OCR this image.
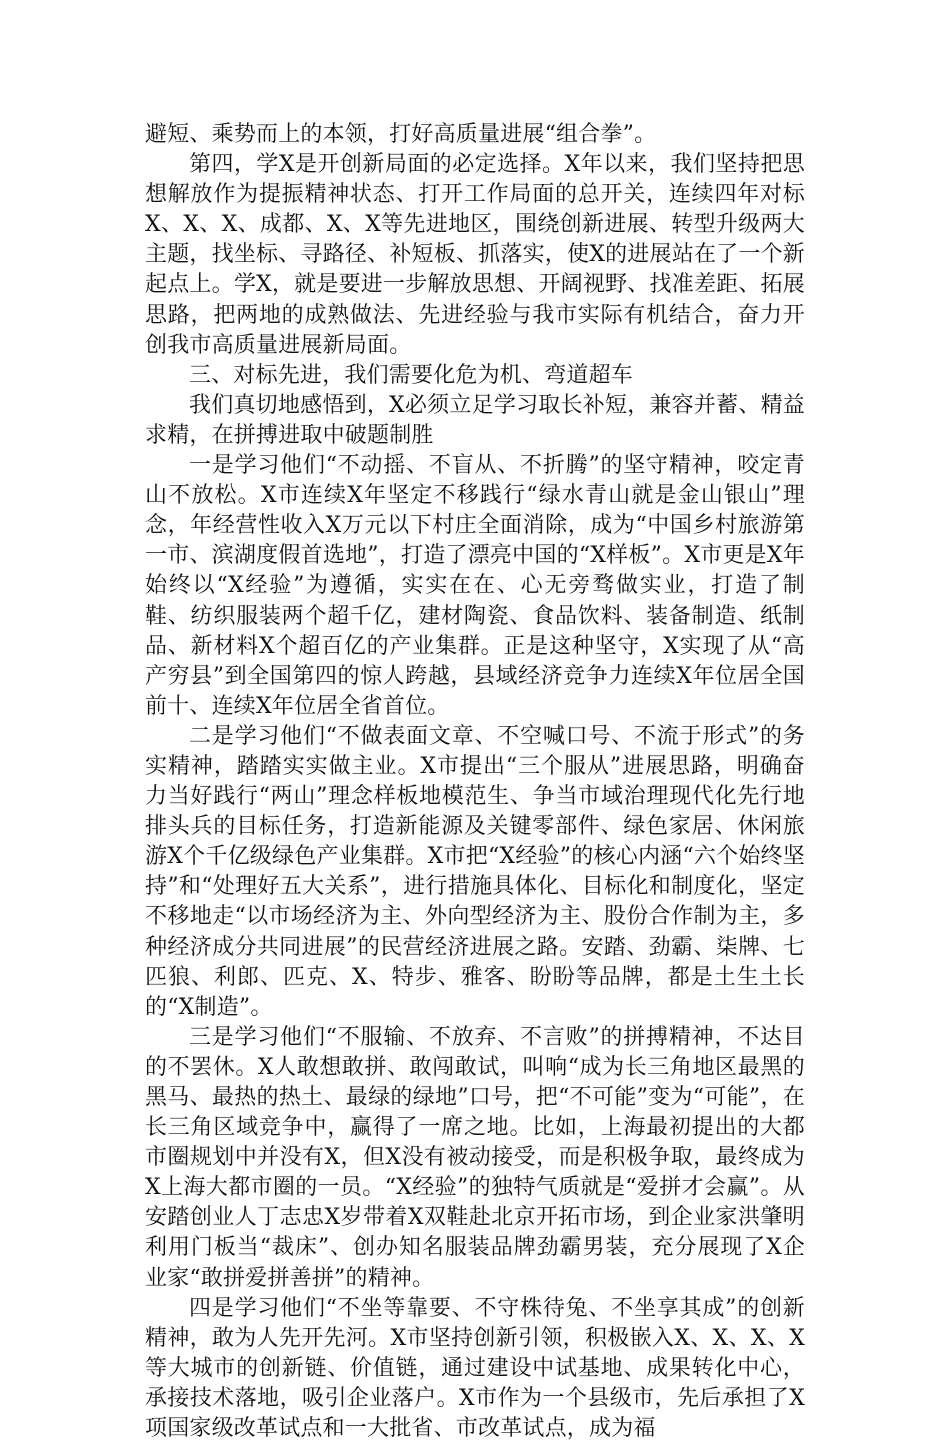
避短、乘势而上的本领，打好高质量进展“组合拳”。

第四，学X是开创新局面的必定选择。X年以来，我们坚持把思想解放作为提振精神状态、打开工作局面的总开关，连续四年对标X、X、X、成都、X、X等先进地区，围绕创新进展、转型升级两大主题，找坐标、寻路径、补短板、抓落实，使X的进展站在了一个新起点上。学X，就是要进一步解放思想、开阔视野、找准差距、拓展思路，把两地的成熟做法、先进经验与我市实际有机结合，奋力开创我市高质量进展新局面。

三、对标先进，我们需要化危为机、弯道超车

我们真切地感悟到，X必须立足学习取长补短，兼容并蓄、精益求精，在拼搏进取中破题制胜

一是学习他们“不动摇、不盲从、不折腾”的坚守精神，咬定青山不放松。X市连续X年坚定不移践行“绿水青山就是金山银山”理念，年经营性收入X万元以下村庄全面消除，成为“中国乡村旅游第一市、滨湖度假首选地”，打造了漂亮中国的“X样板”。X市更是X年始终以“X经验”为遵循，实实在在、心无旁骛做实业，打造了制鞋、纺织服装两个超千亿，建材陶瓷、食品饮料、装备制造、纸制品、新材料X个超百亿的产业集群。正是这种坚守，X实现了从“高产穷县”到全国第四的惊人跨越，县域经济竞争力连续X年位居全国前十、连续X年位居全省首位。

二是学习他们“不做表面文章、不空喊口号、不流于形式”的务实精神，踏踏实实做主业。X市提出“三个服从”进展思路，明确奋力当好践行“两山”理念样板地模范生、争当市域治理现代化先行地排头兵的目标任务，打造新能源及关键零部件、绿色家居、休闲旅游X个千亿级绿色产业集群。X市把“X经验”的核心内涵“六个始终坚持”和“处理好五大关系”，进行措施具体化、目标化和制度化，坚定不移地走“以市场经济为主、外向型经济为主、股份合作制为主，多种经济成分共同进展”的民营经济进展之路。安踏、劲霸、柒牌、七匹狼、利郎、匹克、X、特步、雅客、盼盼等品牌，都是土生土长的“X制造”。

三是学习他们“不服输、不放弃、不言败”的拼搏精神，不达目的不罢休。X人敢想敢拼、敢闯敢试，叫响“成为长三角地区最黑的黑马、最热的热土、最绿的绿地”口号，把“不可能”变为“可能”，在长三角区域竞争中，赢得了一席之地。比如，上海最初提出的大都市圈规划中并没有X，但X没有被动接受，而是积极争取，最终成为X上海大都市圈的一员。“X经验”的独特气质就是“爱拼才会赢”。从安踏创业人丁志忠X岁带着X双鞋赴北京开拓市场，到企业家洪肇明利用门板当“裁床”、创办知名服装品牌劲霸男装，充分展现了X企业家“敢拼爱拼善拼”的精神。

四是学习他们“不坐等靠要、不守株待兔、不坐享其成”的创新精神，敢为人先开先河。X市坚持创新引领，积极嵌入X、X、X、X等大城市的创新链、价值链，通过建设中试基地、成果转化中心，承接技术落地，吸引企业落户。X市作为一个县级市，先后承担了X项国家级改革试点和一大批省、市改革试点，成为福
